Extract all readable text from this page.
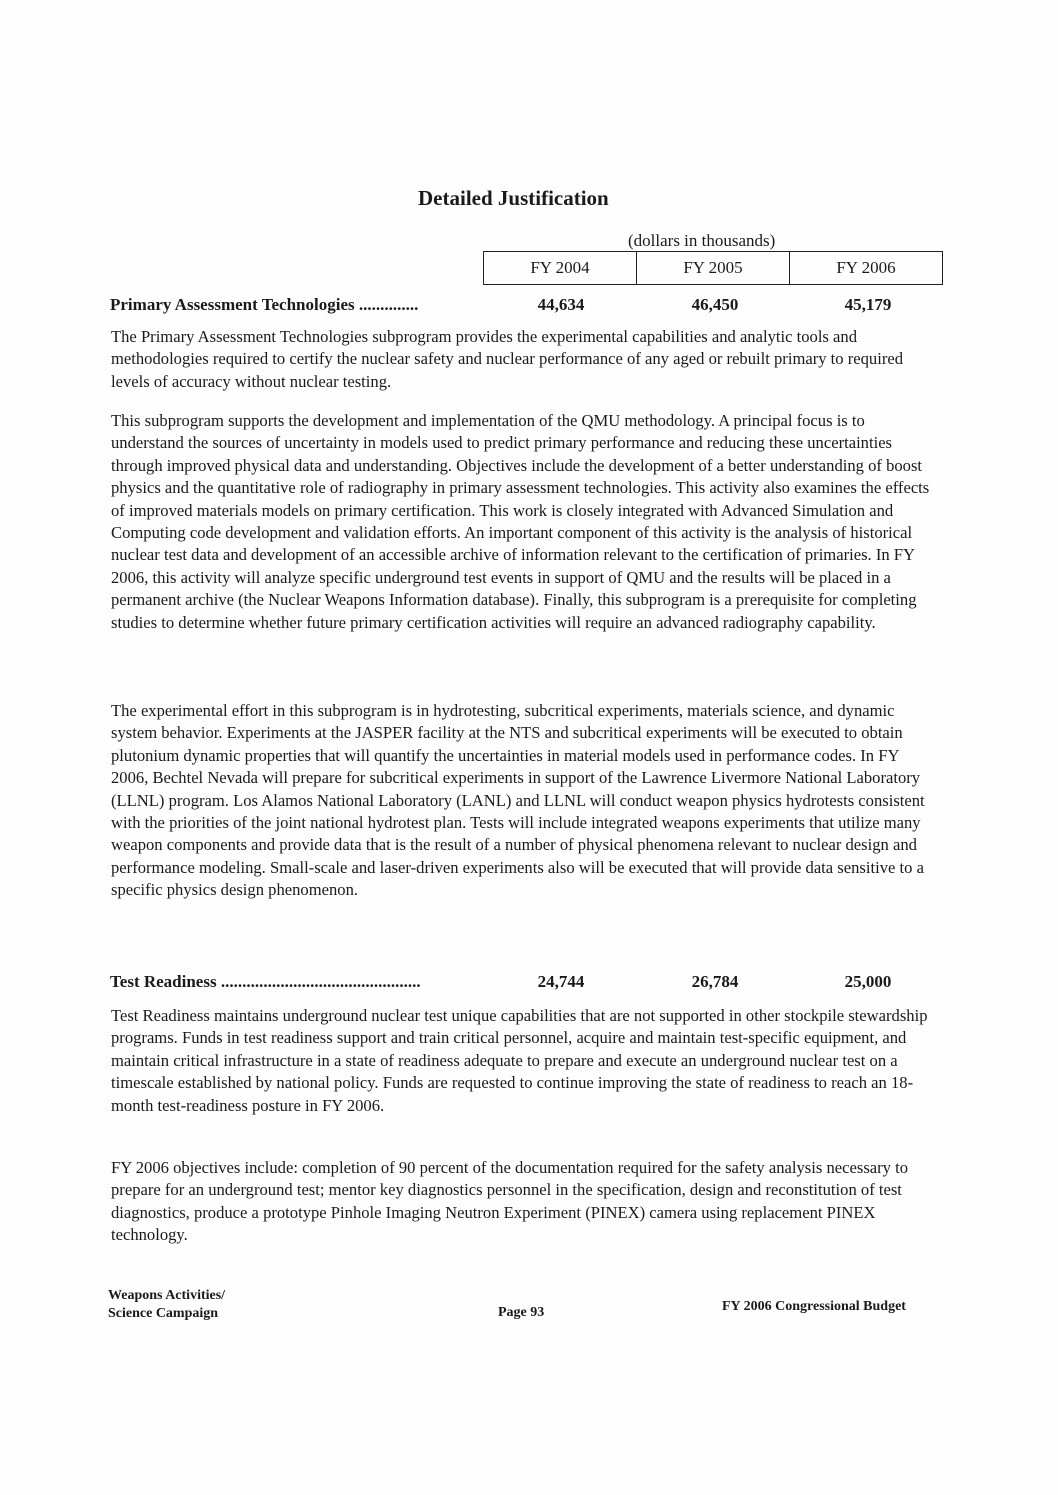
Detailed Justification
(dollars in thousands)
FY 2004	FY 2005	FY 2006
Primary Assessment Technologies ..............	44,634	46,450	45,179

The Primary Assessment Technologies subprogram provides the experimental capabilities and analytic tools and methodologies required to certify the nuclear safety and nuclear performance of any aged or rebuilt primary to required levels of accuracy without nuclear testing.

This subprogram supports the development and implementation of the QMU methodology. A principal focus is to understand the sources of uncertainty in models used to predict primary performance and reducing these uncertainties through improved physical data and understanding. Objectives include the development of a better understanding of boost physics and the quantitative role of radiography in primary assessment technologies. This activity also examines the effects of improved materials models on primary certification. This work is closely integrated with Advanced Simulation and Computing code development and validation efforts. An important component of this activity is the analysis of historical nuclear test data and development of an accessible archive of information relevant to the certification of primaries. In FY 2006, this activity will analyze specific underground test events in support of QMU and the results will be placed in a permanent archive (the Nuclear Weapons Information database). Finally, this subprogram is a prerequisite for completing studies to determine whether future primary certification activities will require an advanced radiography capability.

The experimental effort in this subprogram is in hydrotesting, subcritical experiments, materials science, and dynamic system behavior. Experiments at the JASPER facility at the NTS and subcritical experiments will be executed to obtain plutonium dynamic properties that will quantify the uncertainties in material models used in performance codes. In FY 2006, Bechtel Nevada will prepare for subcritical experiments in support of the Lawrence Livermore National Laboratory (LLNL) program. Los Alamos National Laboratory (LANL) and LLNL will conduct weapon physics hydrotests consistent with the priorities of the joint national hydrotest plan. Tests will include integrated weapons experiments that utilize many weapon components and provide data that is the result of a number of physical phenomena relevant to nuclear design and performance modeling. Small-scale and laser-driven experiments also will be executed that will provide data sensitive to a specific physics design phenomenon.

Test Readiness ...............................................	24,744	26,784	25,000

Test Readiness maintains underground nuclear test unique capabilities that are not supported in other stockpile stewardship programs. Funds in test readiness support and train critical personnel, acquire and maintain test-specific equipment, and maintain critical infrastructure in a state of readiness adequate to prepare and execute an underground nuclear test on a timescale established by national policy. Funds are requested to continue improving the state of readiness to reach an 18-month test-readiness posture in FY 2006.

FY 2006 objectives include: completion of 90 percent of the documentation required for the safety analysis necessary to prepare for an underground test; mentor key diagnostics personnel in the specification, design and reconstitution of test diagnostics, produce a prototype Pinhole Imaging Neutron Experiment (PINEX) camera using replacement PINEX technology.

Weapons Activities/
Science Campaign	Page 93	FY 2006 Congressional Budget
